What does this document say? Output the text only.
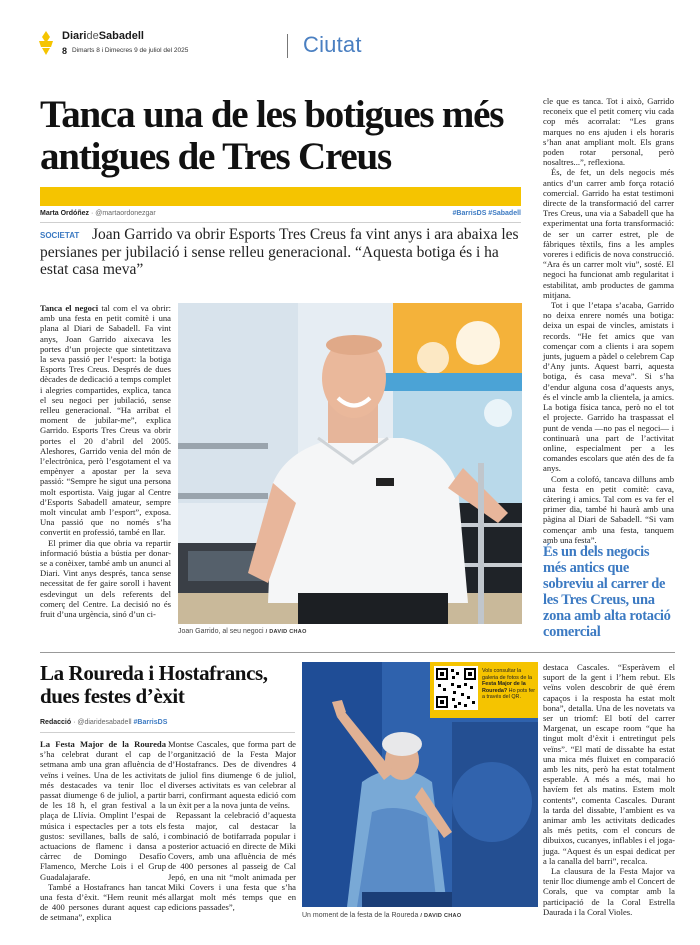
DiarideSabadell
8 Dimarts 8 i Dimecres 9 de juliol del 2025	Ciutat
Tanca una de les botigues més antigues de Tres Creus
Marta Ordóñez · @martaordonezgar	#BarrisDS #Sabadell
SOCIETAT Joan Garrido va obrir Esports Tres Creus fa vint anys i ara abaixa les persianes per jubilació i sense relleu generacional. “Aquesta botiga és i ha estat casa meva”

Tanca el negoci tal com el va obrir: amb una festa en petit comitè i una plana al Diari de Sabadell. Fa vint anys, Joan Garrido aixecava les portes d’un projecte que sintetitzava la seva passió per l’esport: la botiga Esports Tres Creus. Després de dues dècades de dedicació a temps complet i alegries compartides, explica, tanca el seu negoci per jubilació, sense relleu generacional. “Ha arribat el moment de jubilar-me”, explica Garrido. Esports Tres Creus va obrir portes el 20 d’abril del 2005. Aleshores, Garrido venia del món de l’electrònica, però l’esgotament el va empènyer a apostar per la seva passió: “Sempre he sigut una persona molt esportista. Vaig jugar al Centre d’Esports Sabadell amateur, sempre molt vinculat amb l’esport”, exposa. Una passió que no només s’ha convertit en professió, també en llar.

El primer dia que obria va repartir informació bústia a bústia per donar-se a conèixer, també amb un anunci al Diari. Vint anys després, tanca sense necessitat de fer gaire soroll i havent esdevingut un dels referents del comerç del Centre. La decisió no és fruit d’una urgència, sinó d’un ci-

Joan Garrido, al seu negoci / DAVID CHAO

cle que es tanca. Tot i això, Garrido reconeix que el petit comerç viu cada cop més acorralat: “Les grans marques no ens ajuden i els horaris s’han anat ampliant molt. Els grans poden rotar personal, però nosaltres...”, reflexiona.

És, de fet, un dels negocis més antics d’un carrer amb força rotació comercial. Garrido ha estat testimoni directe de la transformació del carrer Tres Creus, una via a Sabadell que ha experimentat una forta transformació: de ser un carrer estret, ple de fàbriques tèxtils, fins a les amples voreres i edificis de nova construcció. “Ara és un carrer molt viu”, sosté. El negoci ha funcionat amb regularitat i estabilitat, amb productes de gamma mitjana.

Tot i que l’etapa s’acaba, Garrido no deixa enrere només una botiga: deixa un espai de vincles, amistats i records. “He fet amics que van començar com a clients i ara sopem junts, juguem a pàdel o celebrem Cap d’Any junts. Aquest barri, aquesta botiga, és casa meva”. Si s’ha d’endur alguna cosa d’aquests anys, és el vincle amb la clientela, ja amics. La botiga física tanca, però no el tot el projecte. Garrido ha traspassat el punt de venda —no pas el negoci— i continuarà una part de l’activitat online, especialment per a les comandes escolars que atén des de fa anys.

Com a colofó, tancava dilluns amb una festa en petit comitè: cava, càtering i amics. Tal com es va fer el primer dia, també hi haurà amb una pàgina al Diari de Sabadell. “Si vam començar amb una festa, tanquem amb una festa”.

És un dels negocis més antics que sobreviu al carrer de les Tres Creus, una zona amb alta rotació comercial
La Roureda i Hostafrancs, dues festes d’èxit
Redacció · @diaridesabadell #BarrisDS

La Festa Major de la Roureda s’ha celebrat durant el cap de setmana amb una gran afluència de veïns i veïnes. Una de les activitats més destacades va tenir lloc el passat diumenge 6 de juliol, a partir de les 18 h, el gran festival a la plaça de Llívia. Omplint l’espai de música i espectacles per a tots els gustos: sevillanes, balls de saló, i actuacions de flamenc i dansa a càrrec de Domingo Desafío Flamenco, Merche Lois i el Grup Guadalajarafe.

També a Hostafrancs han tancat una festa d’èxit. “Hem reunit més de 400 persones durant aquest cap de setmana”, explica

Montse Cascales, que forma part de l’organització de la Festa Major d’Hostafrancs. Des de divendres 4 de juliol fins diumenge 6 de juliol, diverses activitats es van celebrar al barri, confirmant aquesta edició com un èxit per a la nova junta de veïns.

Repassant la celebració d’aquesta festa major, cal destacar la combinació de botifarrada popular i posterior actuació en directe de Miki Covers, amb una afluència de més de 400 persones al passeig de Cal Jepó, en una nit “molt animada per Miki Covers i una festa que s’ha allargat molt més temps que en edicions passades”,

Vols consultar la galeria de fotos de la Festa Major de la Roureda? Ho pots fer a través del QR.
Un moment de la festa de la Roureda / DAVID CHAO

destaca Cascales. “Esperàvem el suport de la gent i l’hem rebut. Els veïns volen descobrir de què érem capaços i la resposta ha estat molt bona”, detalla. Una de les novetats va ser un triomf: El botí del carrer Margenat, un escape room “que ha tingut molt d’èxit i entretingut pels veïns”. “El matí de dissabte ha estat una mica més fluixet en comparació amb les nits, però ha estat totalment esperable. A més a més, mai ho havíem fet als matins. Estem molt contents”, comenta Cascales. Durant la tarda del dissabte, l’ambient es va animar amb les activitats dedicades als més petits, com el concurs de dibuixos, cucanyes, inflables i el joga-juga. “Aquest és un espai dedicat per a la canalla del barri”, recalca.

La clausura de la Festa Major va tenir lloc diumenge amb el Concert de Corals, que va comptar amb la participació de la Coral Estrella Daurada i la Coral Violes.
